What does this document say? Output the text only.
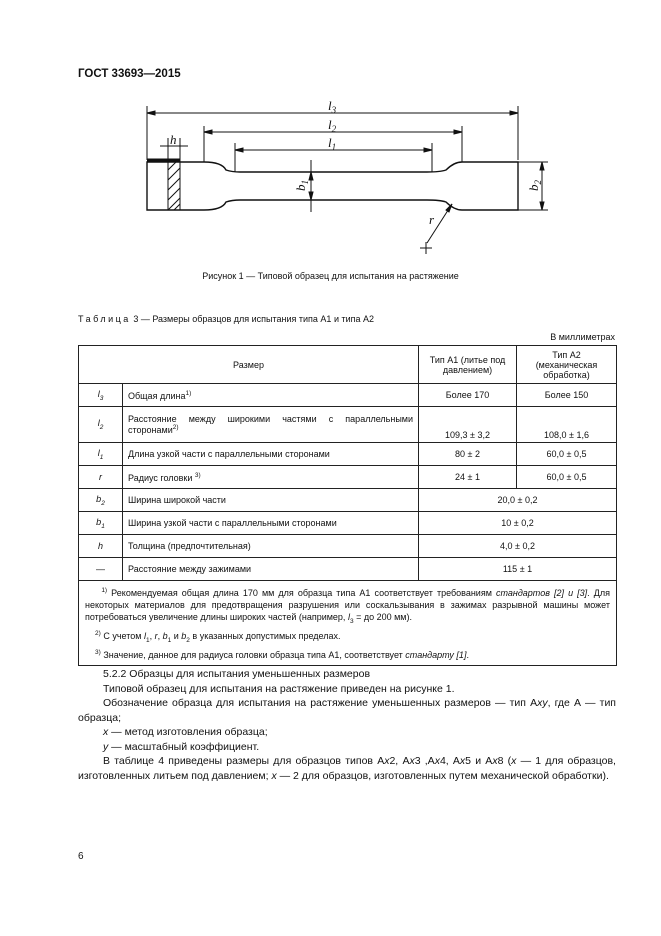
ГОСТ 33693—2015
$l_3$
$l_2$
$l_1$
h
$b_1$
$b_2$
r
Рисунок 1 — Типовой образец для испытания на растяжение
Таблица 3 — Размеры образцов для испытания типа А1 и типа А2
В миллиметрах
Размер		Тип А1 (литье под давлением)	Тип А2 (механическая обработка)
$l_3$	Общая длина$^{1)}$	Более 170	Более 150
$l_2$	Расстояние между широкими частями с параллельными сторонами$^{2)}$	109,3 ± 3,2	108,0 ± 1,6
$l_1$	Длина узкой части с параллельными сторонами	80 ± 2	60,0 ± 0,5
r	Радиус головки $^{3)}$	24 ± 1	60,0 ± 0,5
$b_2$	Ширина широкой части	20,0 ± 0,2	
$b_1$	Ширина узкой части с параллельными сторонами	10 ± 0,2	
h	Толщина (предпочтительная)	4,0 ± 0,2	
—	Расстояние между зажимами	115 ± 1	

$^{1)}$ Рекомендуемая общая длина 170 мм для образца типа А1 соответствует требованиям стандартов [2] и [3]. Для некоторых материалов для предотвращения разрушения или соскальзывания в зажимах разрывной машины может потребоваться увеличение длины широких частей (например, $l_3$ = до 200 мм).

$^{2)}$ С учетом $l_1$, r, $b_1$ и $b_2$ в указанных допустимых пределах.

$^{3)}$ Значение, данное для радиуса головки образца типа А1, соответствует стандарту [1].			

5.2.2 Образцы для испытания уменьшенных размеров

Типовой образец для испытания на растяжение приведен на рисунке 1.

Обозначение образца для испытания на растяжение уменьшенных размеров — тип Аху, где А — тип образца;

х — метод изготовления образца;

у — масштабный коэффициент.

В таблице 4 приведены размеры для образцов типов Ах2, Ах3 ,Ах4, Ах5 и Ах8 (х — 1 для образцов, изготовленных литьем под давлением; х — 2 для образцов, изготовленных путем механической обработки).

6
